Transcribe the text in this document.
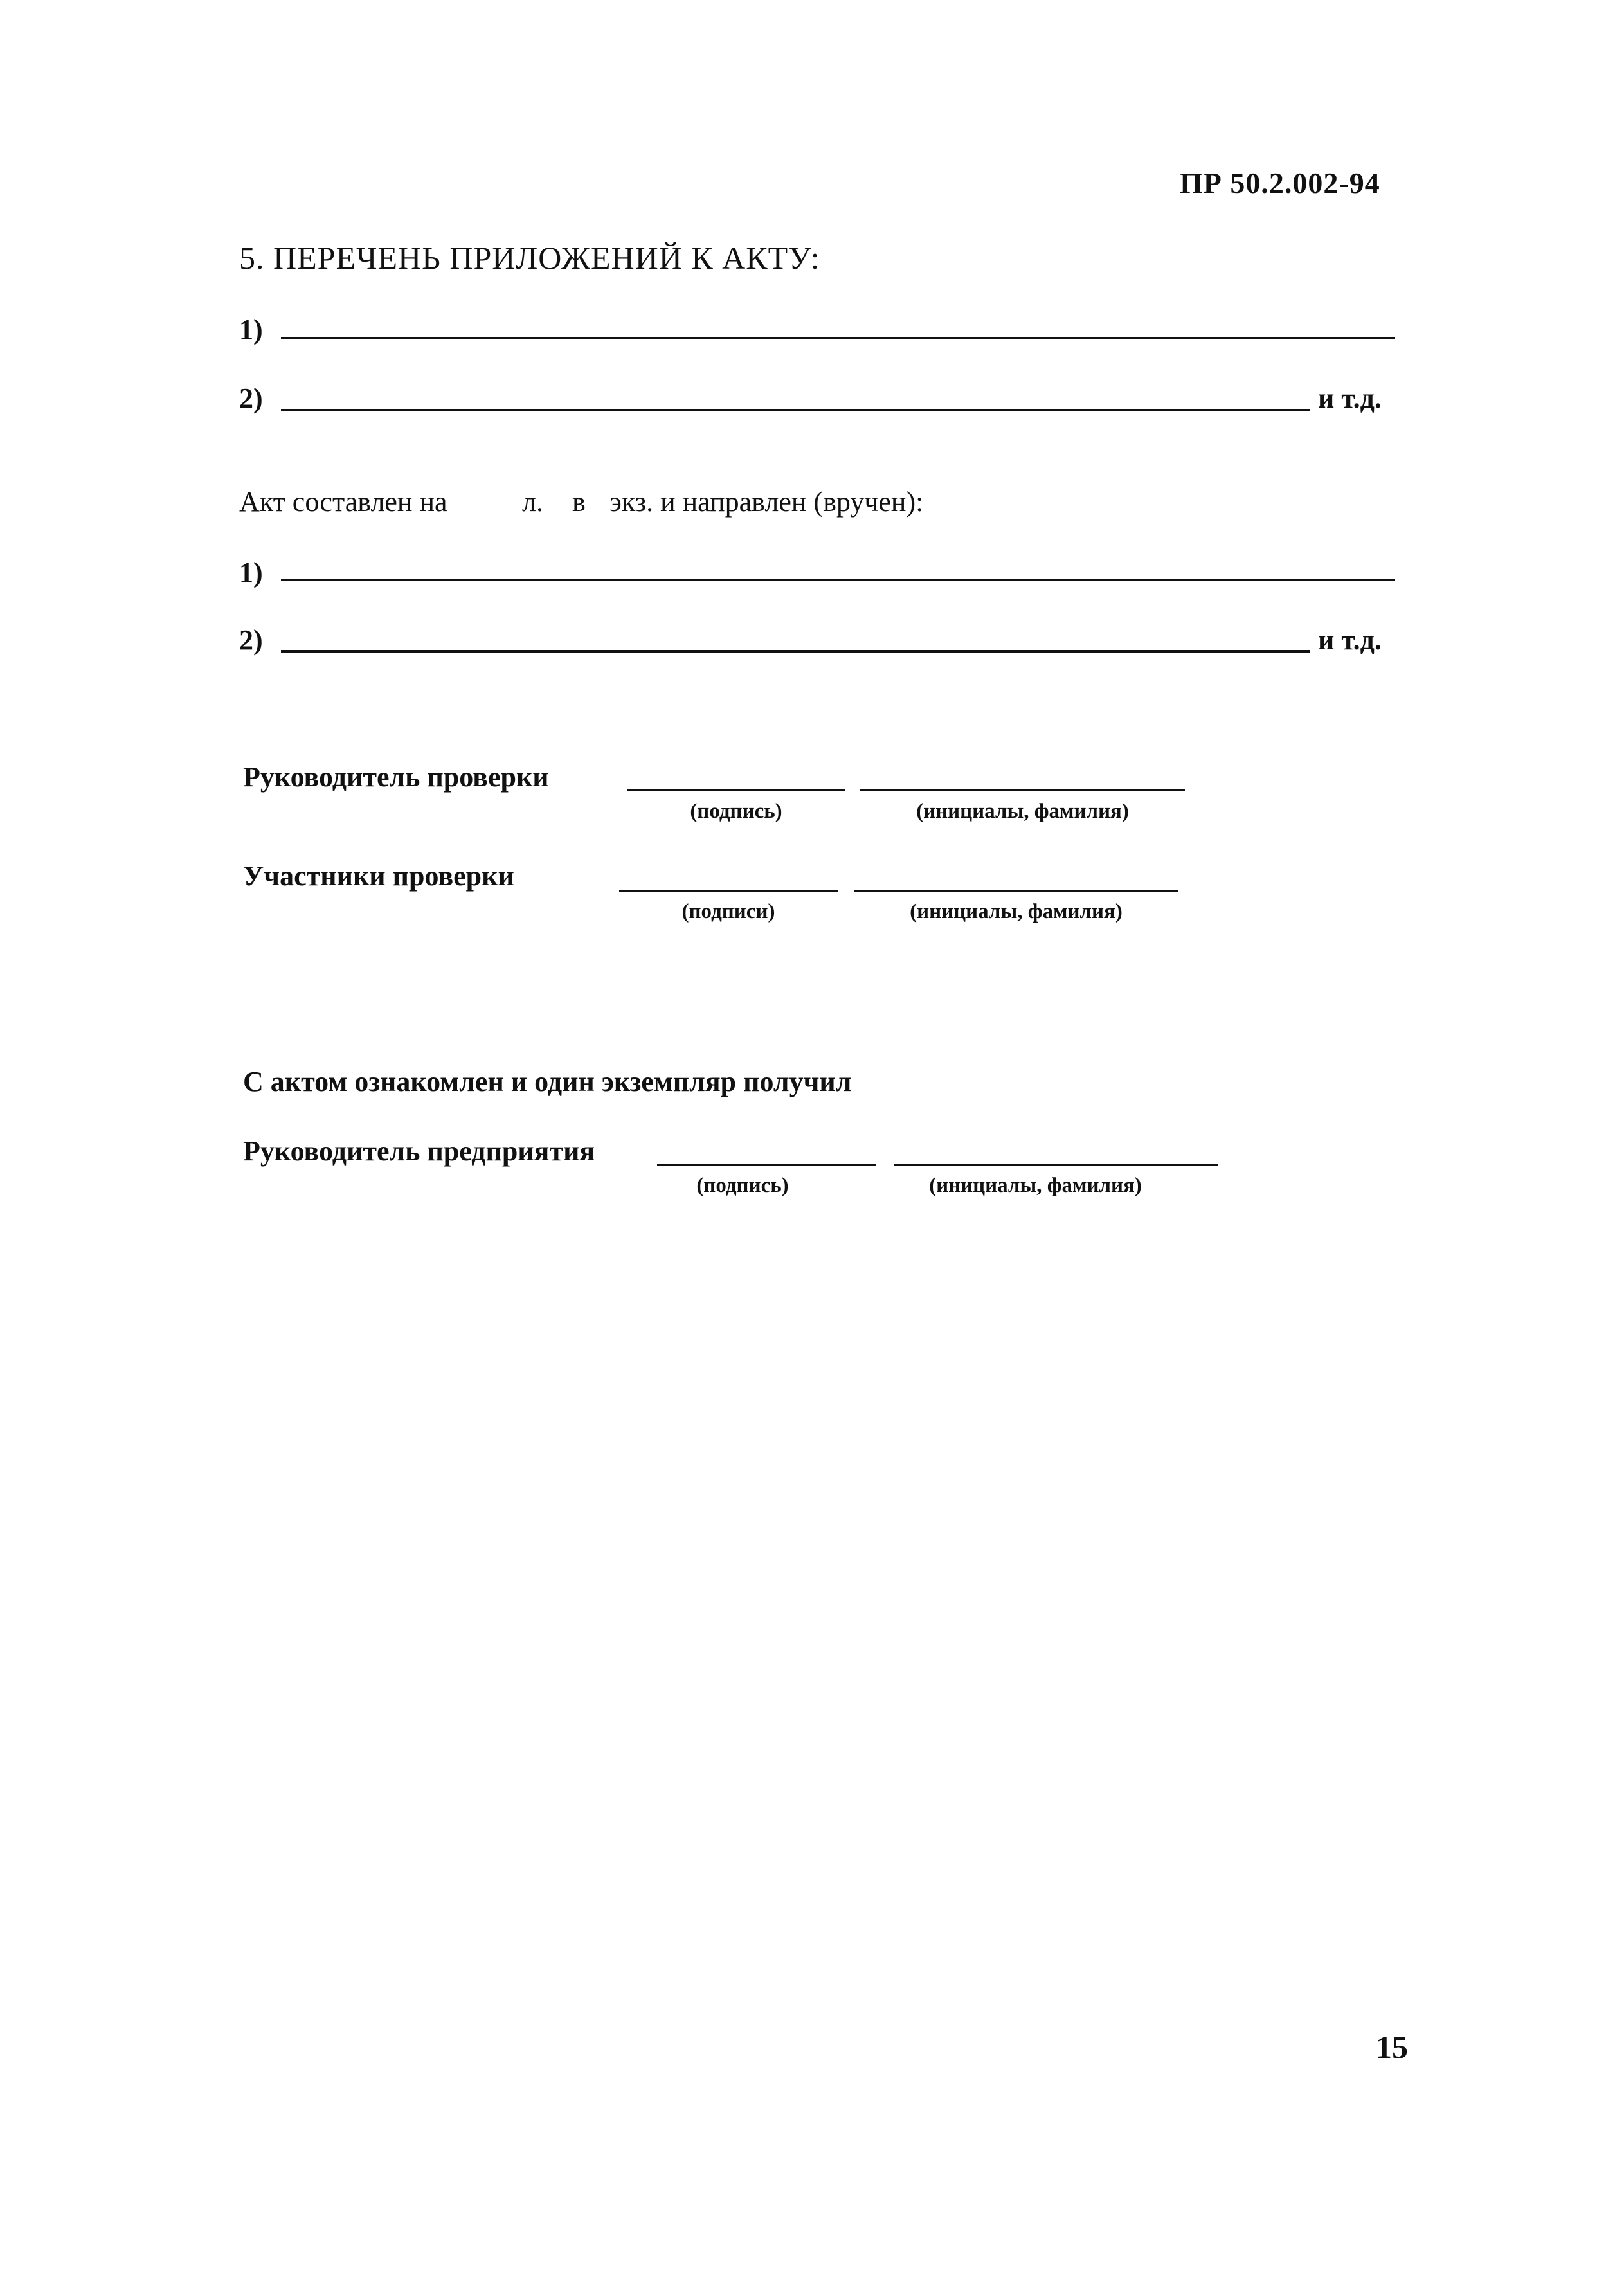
ПР 50.2.002-94
5. ПЕРЕЧЕНЬ ПРИЛОЖЕНИЙ К АКТУ:
1)
2)	и т.д.
Акт составлен на	л. в экз. и направлен (вручен):
1)
2)	и т.д.
Руководитель проверки
(подпись)	(инициалы, фамилия)
Участники проверки
(подписи)	(инициалы, фамилия)
С актом ознакомлен и один экземпляр получил
Руководитель предприятия
(подпись)	(инициалы, фамилия)
15
